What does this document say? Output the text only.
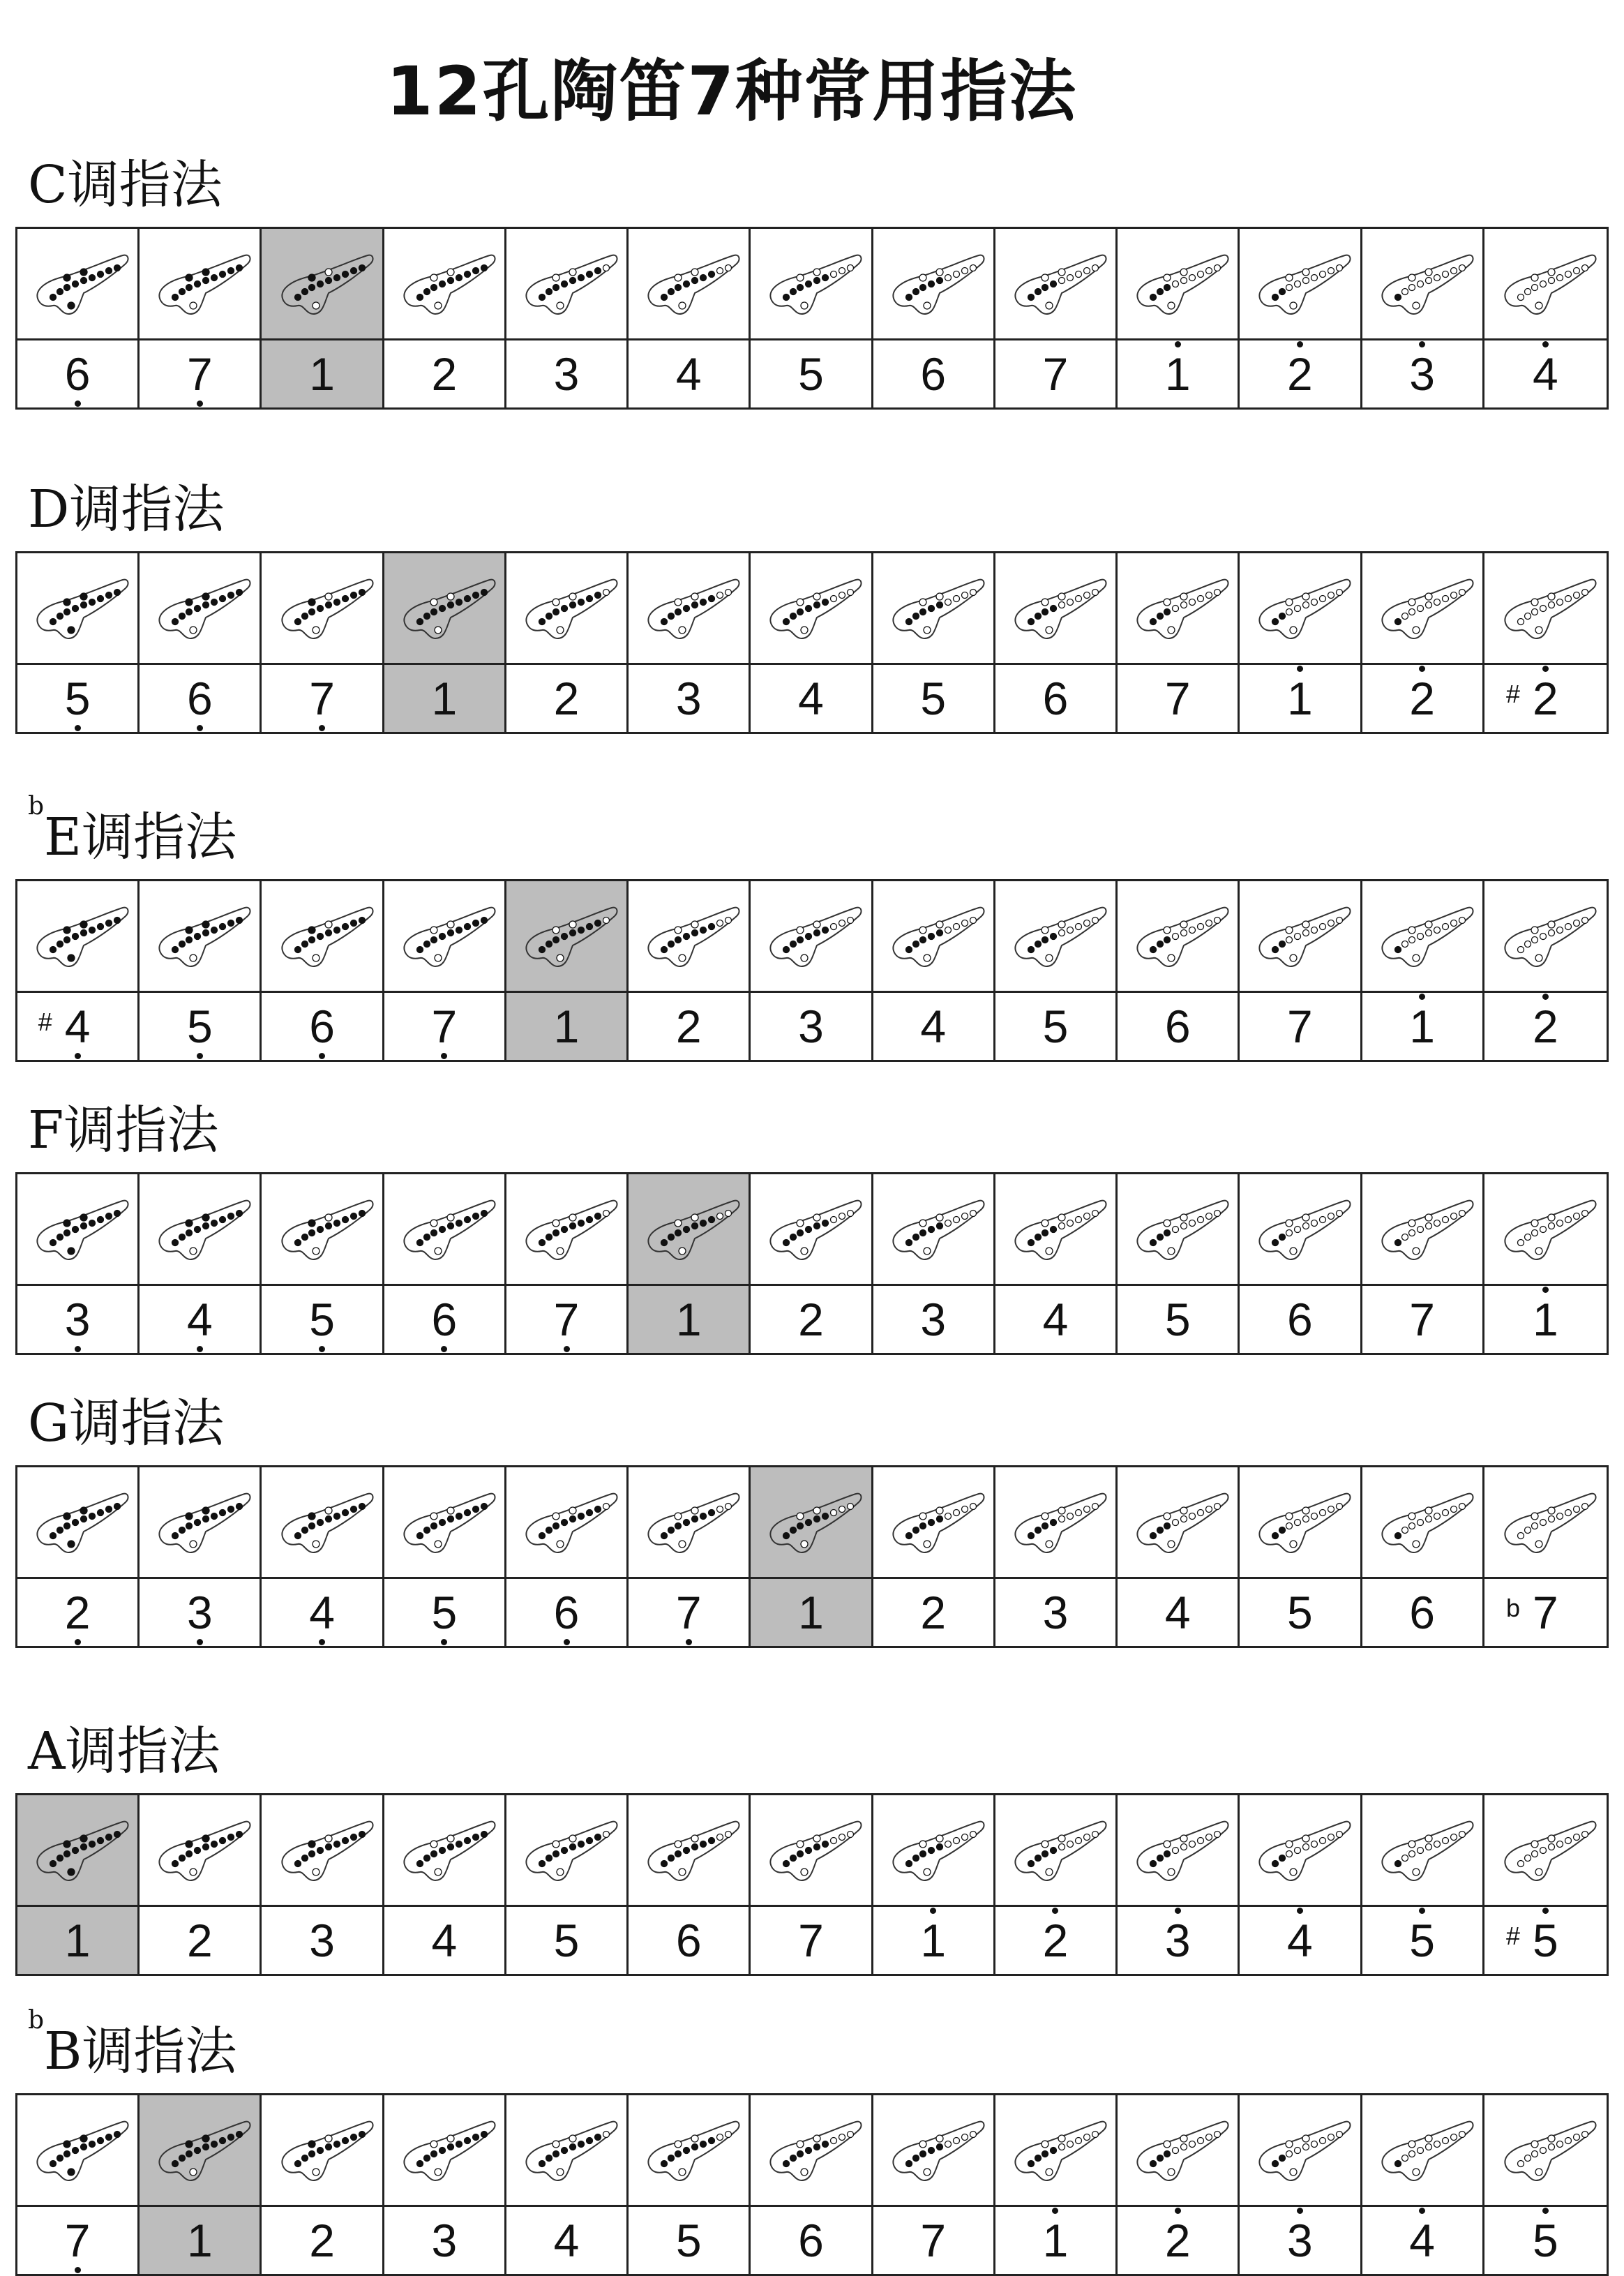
12孔陶笛7种常用指法
C调指法
6 7 1 2 3 4 5 6 7 1 2 3 4
D调指法
5 6 7 1 2 3 4 5 6 7 1 2	# 2
$^b$E调指法
# 4 5 6 7 1 2 3 4 5 6 7 1 2
F调指法
3 4 5 6 7 1 2 3 4 5 6 7 1
G调指法
2 3 4 5 6 7 1 2 3 4 5 6	b 7
A调指法
1 2 3 4 5 6 7 1 2 3 4 5	# 5
$^b$B调指法
7 1 2 3 4 5 6 7 1 2 3 4 5
